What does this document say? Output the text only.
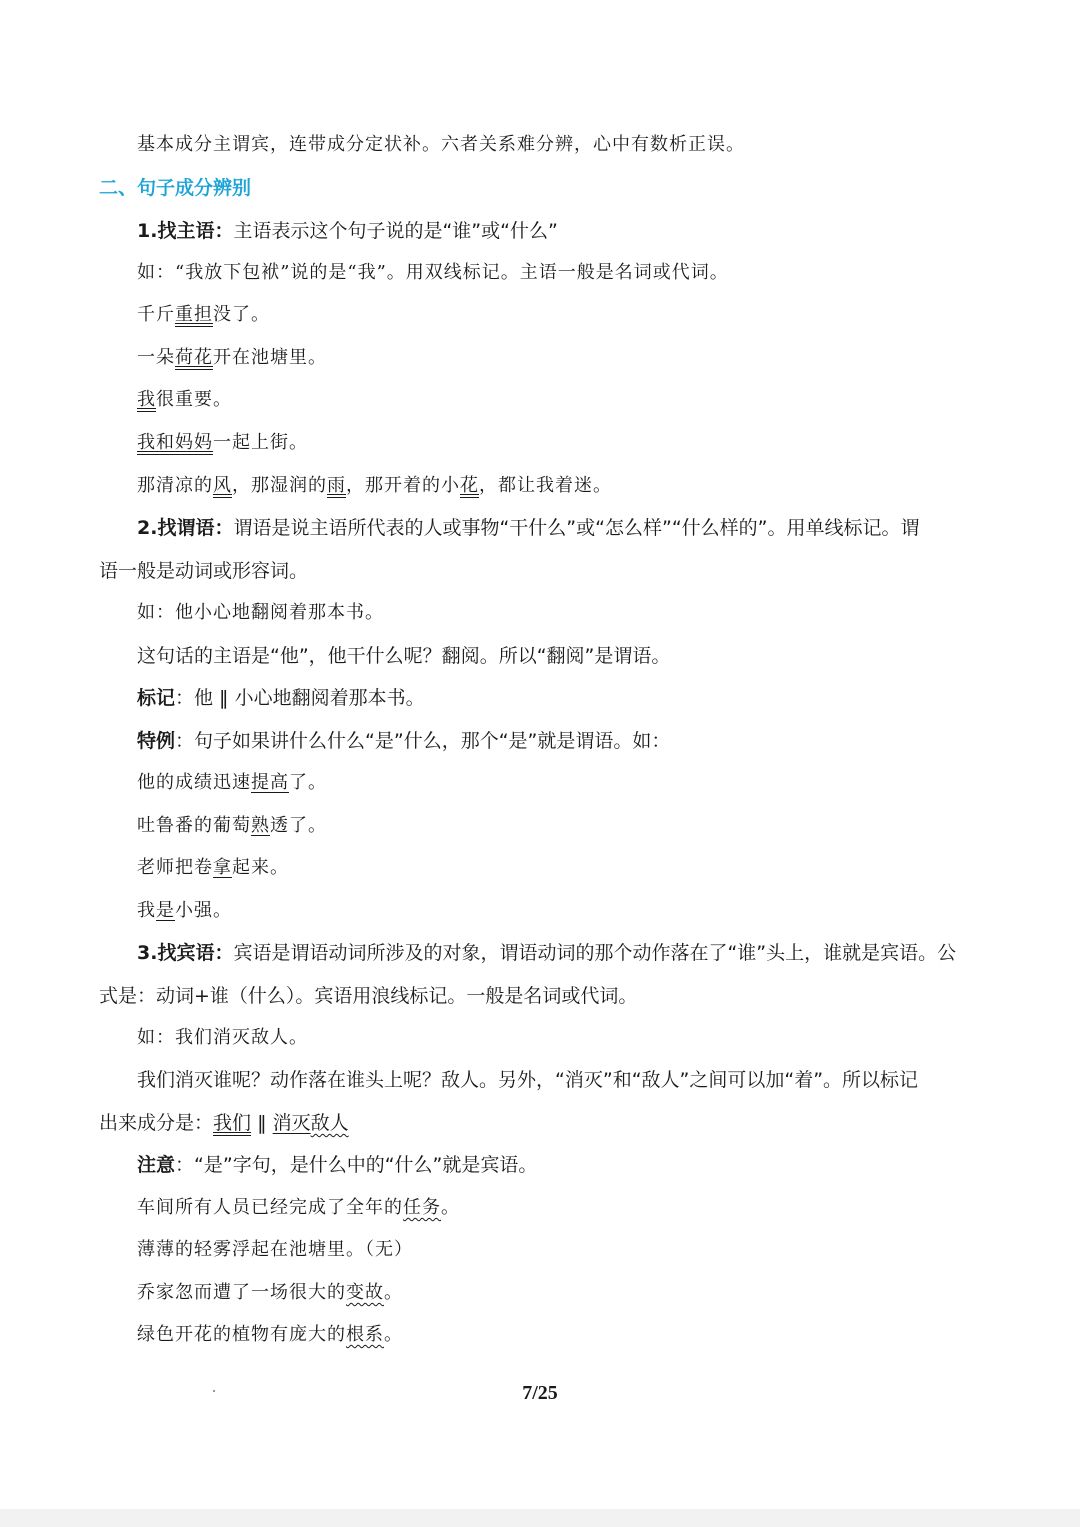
基本成分主谓宾，连带成分定状补。六者关系难分辨，心中有数析正误。
二、句子成分辨别
1.找主语：主语表示这个句子说的是“谁”或“什么”
如：“我放下包袱”说的是“我”。用双线标记。主语一般是名词或代词。
千斤重担没了。
一朵荷花开在池塘里。
我很重要。
我和妈妈一起上街。
那清凉的风，那湿润的雨，那开着的小花，都让我着迷。
2.找谓语：谓语是说主语所代表的人或事物“干什么”或“怎么样”“什么样的”。用单线标记。谓
语一般是动词或形容词。
如：他小心地翻阅着那本书。
这句话的主语是“他”，他干什么呢？翻阅。所以“翻阅”是谓语。
标记：他 ‖ 小心地翻阅着那本书。
特例：句子如果讲什么什么“是”什么，那个“是”就是谓语。如：
他的成绩迅速提高了。
吐鲁番的葡萄熟透了。
老师把卷拿起来。
我是小强。
3.找宾语：宾语是谓语动词所涉及的对象，谓语动词的那个动作落在了“谁”头上，谁就是宾语。公
式是：动词+谁（什么）。宾语用浪线标记。一般是名词或代词。
如：我们消灭敌人。
我们消灭谁呢？动作落在谁头上呢？敌人。另外，“消灭”和“敌人”之间可以加“着”。所以标记
出来成分是：我们 ‖ 消灭敌人
注意：“是”字句，是什么中的“什么”就是宾语。
车间所有人员已经完成了全年的任务。
薄薄的轻雾浮起在池塘里。（无）
乔家忽而遭了一场很大的变故。
绿色开花的植物有庞大的根系。
7/25
